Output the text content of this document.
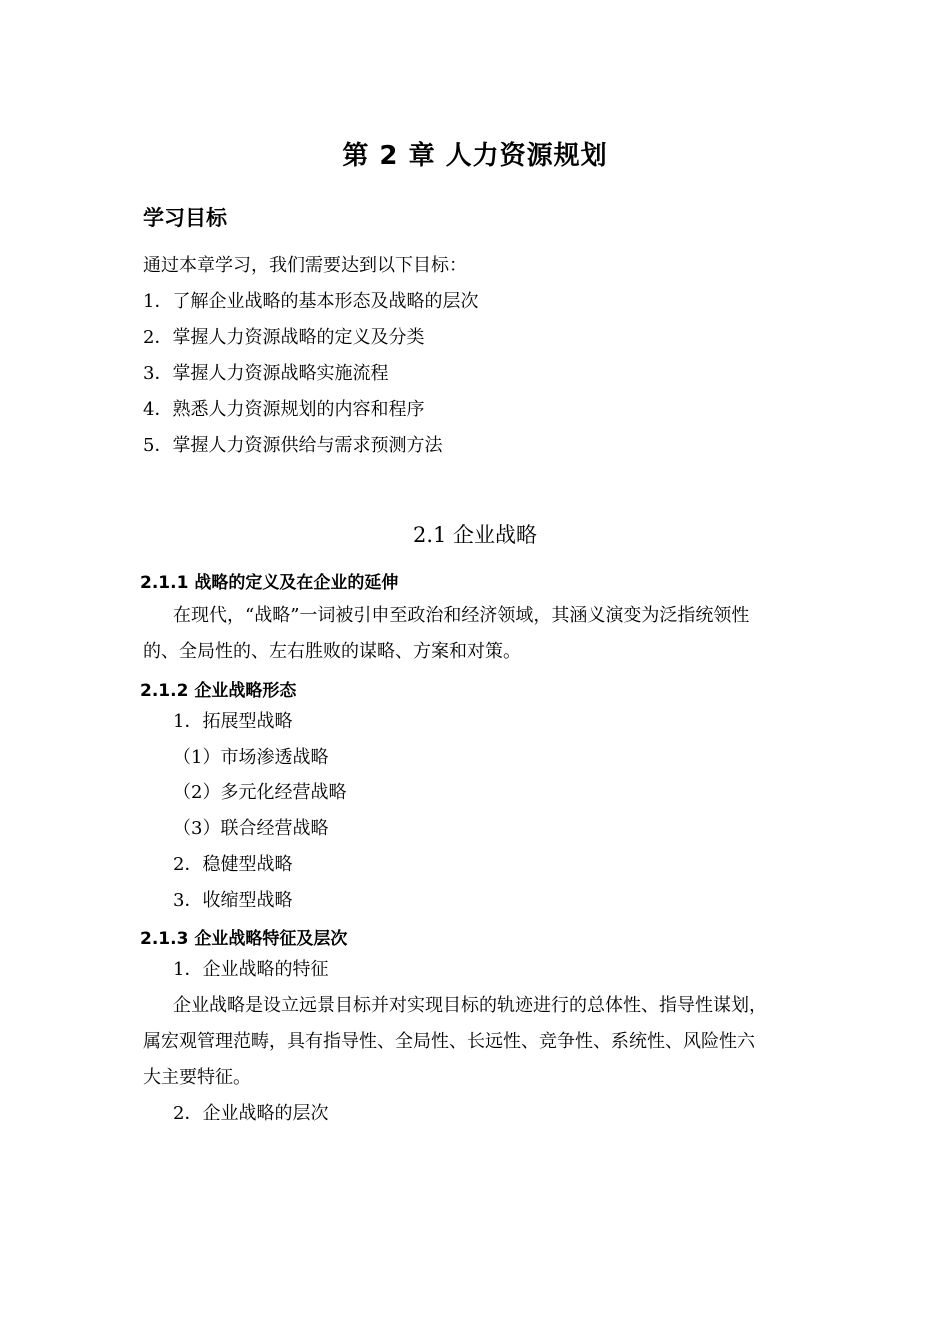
第 2 章 人力资源规划
学习目标
通过本章学习，我们需要达到以下目标：
1．了解企业战略的基本形态及战略的层次
2．掌握人力资源战略的定义及分类
3．掌握人力资源战略实施流程
4．熟悉人力资源规划的内容和程序
5．掌握人力资源供给与需求预测方法
2.1 企业战略
2.1.1 战略的定义及在企业的延伸
在现代，“战略”一词被引申至政治和经济领域，其涵义演变为泛指统领性
的、全局性的、左右胜败的谋略、方案和对策。
2.1.2 企业战略形态
1．拓展型战略
（1）市场渗透战略
（2）多元化经营战略
（3）联合经营战略
2．稳健型战略
3．收缩型战略
2.1.3 企业战略特征及层次
1．企业战略的特征
企业战略是设立远景目标并对实现目标的轨迹进行的总体性、指导性谋划，
属宏观管理范畴，具有指导性、全局性、长远性、竞争性、系统性、风险性六
大主要特征。
2．企业战略的层次
